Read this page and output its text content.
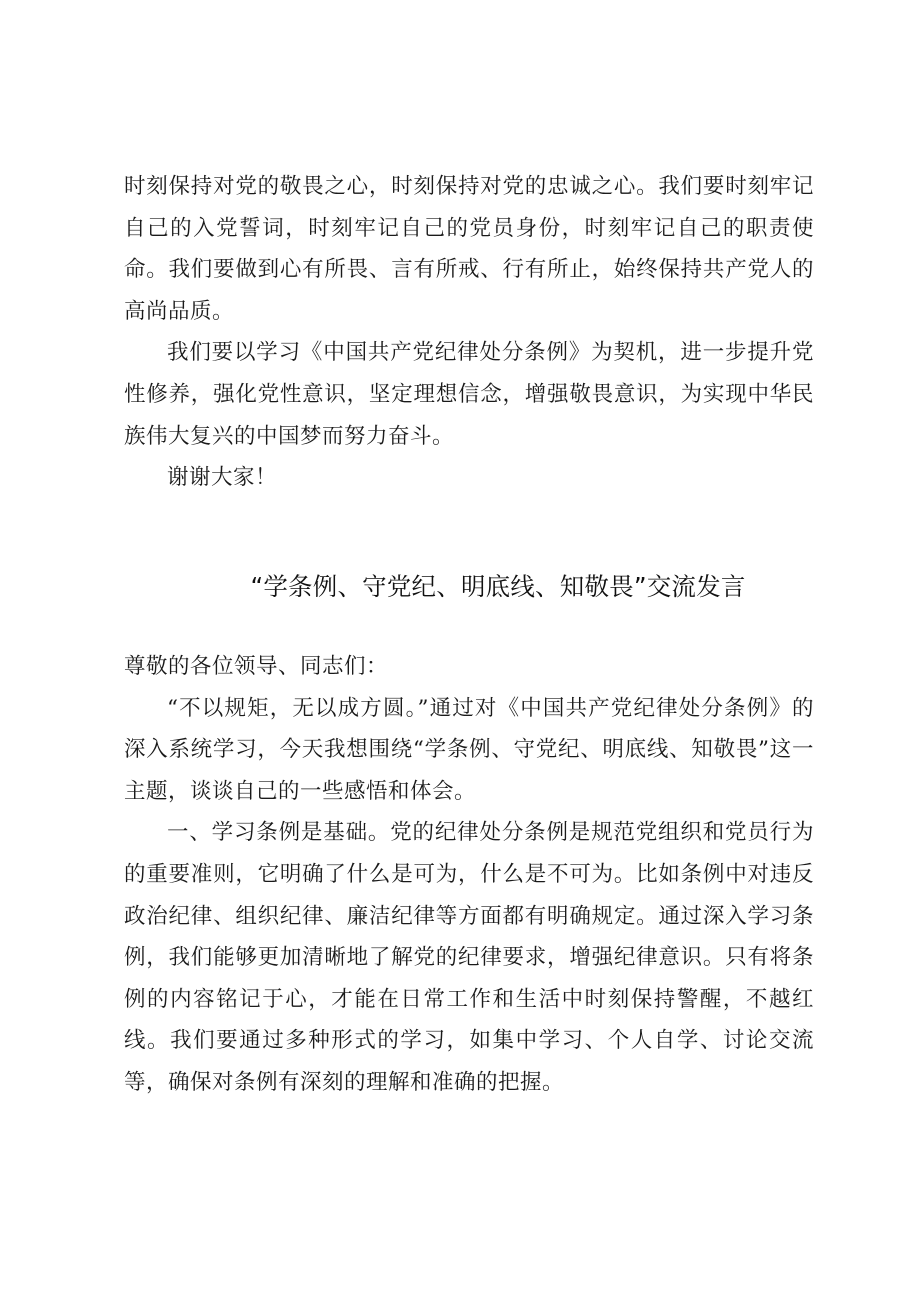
时刻保持对党的敬畏之心，时刻保持对党的忠诚之心。我们要时刻牢记自己的入党誓词，时刻牢记自己的党员身份，时刻牢记自己的职责使命。我们要做到心有所畏、言有所戒、行有所止，始终保持共产党人的高尚品质。

我们要以学习《中国共产党纪律处分条例》为契机，进一步提升党性修养，强化党性意识，坚定理想信念，增强敬畏意识，为实现中华民族伟大复兴的中国梦而努力奋斗。

谢谢大家！

“学条例、守党纪、明底线、知敬畏”交流发言

尊敬的各位领导、同志们：

“不以规矩，无以成方圆。”通过对《中国共产党纪律处分条例》的深入系统学习，今天我想围绕“学条例、守党纪、明底线、知敬畏”这一主题，谈谈自己的一些感悟和体会。

一、学习条例是基础。党的纪律处分条例是规范党组织和党员行为的重要准则，它明确了什么是可为，什么是不可为。比如条例中对违反政治纪律、组织纪律、廉洁纪律等方面都有明确规定。通过深入学习条例，我们能够更加清晰地了解党的纪律要求，增强纪律意识。只有将条例的内容铭记于心，才能在日常工作和生活中时刻保持警醒，不越红线。我们要通过多种形式的学习，如集中学习、个人自学、讨论交流等，确保对条例有深刻的理解和准确的把握。
